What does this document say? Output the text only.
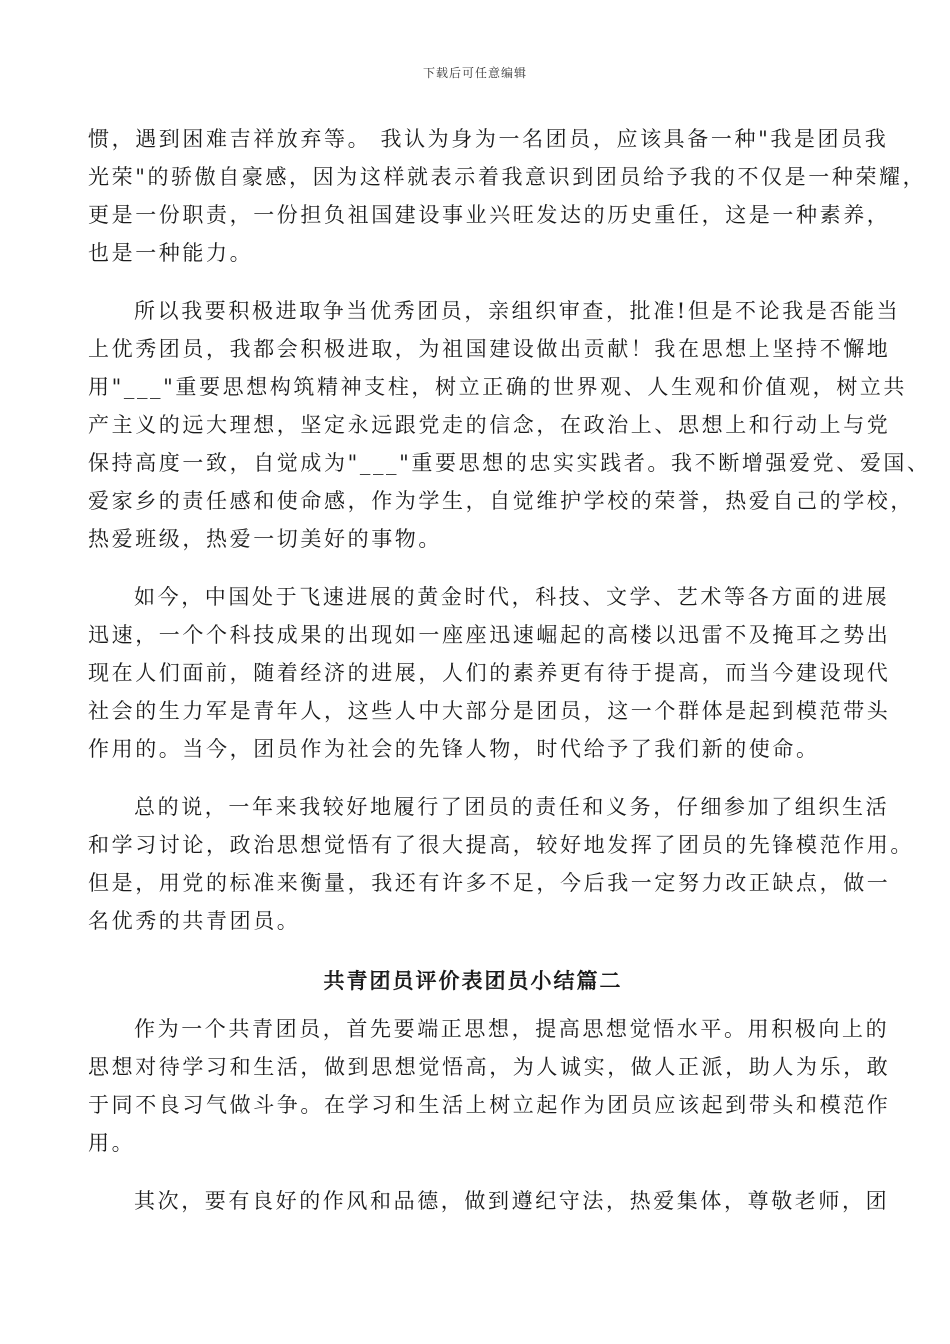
下载后可任意编辑
惯，遇到困难吉祥放弃等。 我认为身为一名团员，应该具备一种"我是团员我
光荣"的骄傲自豪感，因为这样就表示着我意识到团员给予我的不仅是一种荣耀，
更是一份职责，一份担负祖国建设事业兴旺发达的历史重任，这是一种素养，
也是一种能力。
所以我要积极进取争当优秀团员，亲组织审查，批准!但是不论我是否能当
上优秀团员，我都会积极进取，为祖国建设做出贡献！我在思想上坚持不懈地
用"___"重要思想构筑精神支柱，树立正确的世界观、人生观和价值观，树立共
产主义的远大理想，坚定永远跟党走的信念，在政治上、思想上和行动上与党
保持高度一致，自觉成为"___"重要思想的忠实实践者。我不断增强爱党、爱国、
爱家乡的责任感和使命感，作为学生，自觉维护学校的荣誉，热爱自己的学校，
热爱班级，热爱一切美好的事物。
如今，中国处于飞速进展的黄金时代，科技、文学、艺术等各方面的进展
迅速，一个个科技成果的出现如一座座迅速崛起的高楼以迅雷不及掩耳之势出
现在人们面前，随着经济的进展，人们的素养更有待于提高，而当今建设现代
社会的生力军是青年人，这些人中大部分是团员，这一个群体是起到模范带头
作用的。当今，团员作为社会的先锋人物，时代给予了我们新的使命。
总的说，一年来我较好地履行了团员的责任和义务，仔细参加了组织生活
和学习讨论，政治思想觉悟有了很大提高，较好地发挥了团员的先锋模范作用。
但是，用党的标准来衡量，我还有许多不足，今后我一定努力改正缺点，做一
名优秀的共青团员。
共青团员评价表团员小结篇二
作为一个共青团员，首先要端正思想，提高思想觉悟水平。用积极向上的
思想对待学习和生活，做到思想觉悟高，为人诚实，做人正派，助人为乐，敢
于同不良习气做斗争。在学习和生活上树立起作为团员应该起到带头和模范作
用。
其次，要有良好的作风和品德，做到遵纪守法，热爱集体，尊敬老师，团
